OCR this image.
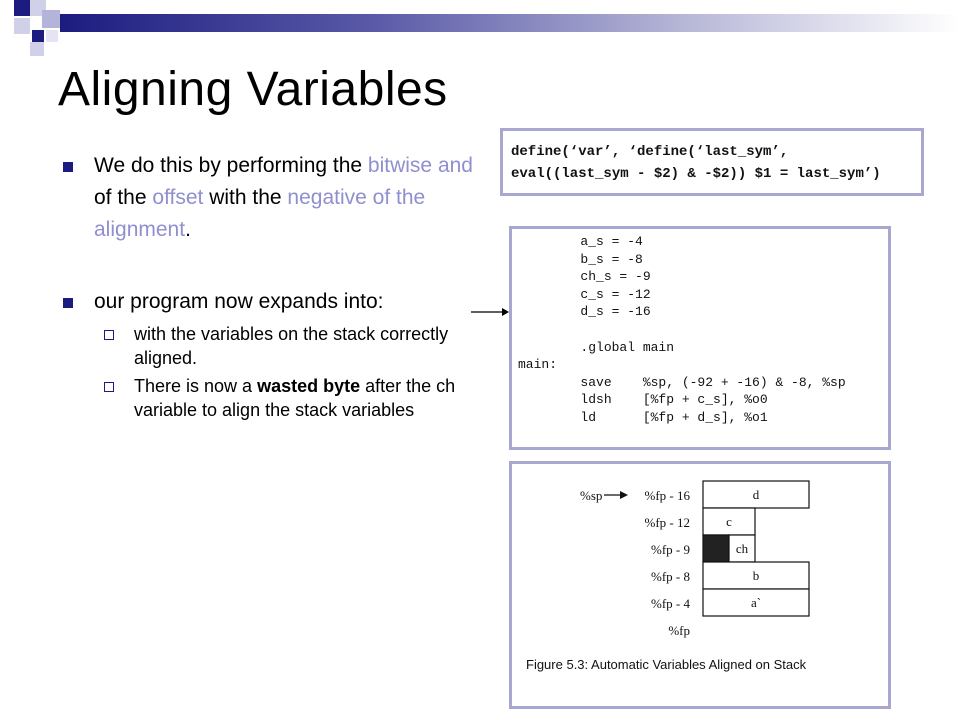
Aligning Variables
We do this by performing the bitwise and of the offset with the negative of the alignment.
our program now expands into:
with the variables on the stack correctly aligned.
There is now a wasted byte after the ch variable to align the stack variables
define(‘var’, ‘define(‘last_sym’,
eval((last_sym - $2) & -$2)) $1 = last_sym’)
a_s = -4
b_s = -8
ch_s = -9
c_s = -12
d_s = -16
.global main
main:
save    %sp, (-92 + -16) & -8, %sp
ldsh    [%fp + c_s], %o0
ld      [%fp + d_s], %o1
%sp	%fp - 16
%fp - 12
%fp - 9
%fp - 8
%fp - 4
%fp
d
c
ch
b
a`
Figure 5.3: Automatic Variables Aligned on Stack
